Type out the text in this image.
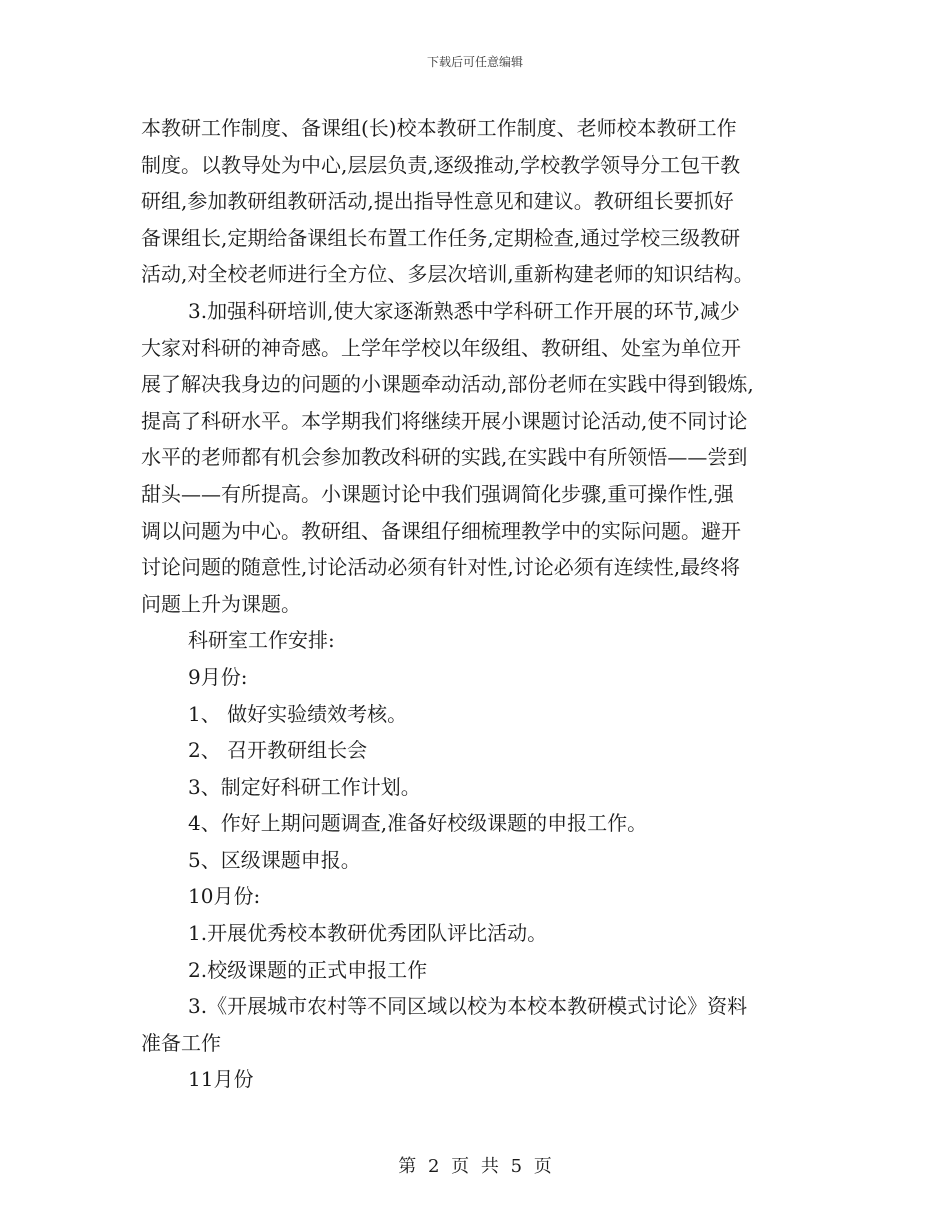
下载后可任意编辑
本教研工作制度、备课组(长)校本教研工作制度、老师校本教研工作
制度。以教导处为中心,层层负责,逐级推动,学校教学领导分工包干教
研组,参加教研组教研活动,提出指导性意见和建议。教研组长要抓好
备课组长,定期给备课组长布置工作任务,定期检查,通过学校三级教研
活动,对全校老师进行全方位、多层次培训,重新构建老师的知识结构。
3.加强科研培训,使大家逐渐熟悉中学科研工作开展的环节,减少
大家对科研的神奇感。上学年学校以年级组、教研组、处室为单位开
展了解决我身边的问题的小课题牵动活动,部份老师在实践中得到锻炼,
提高了科研水平。本学期我们将继续开展小课题讨论活动,使不同讨论
水平的老师都有机会参加教改科研的实践,在实践中有所领悟——尝到
甜头——有所提高。小课题讨论中我们强调简化步骤,重可操作性,强
调以问题为中心。教研组、备课组仔细梳理教学中的实际问题。避开
讨论问题的随意性,讨论活动必须有针对性,讨论必须有连续性,最终将
问题上升为课题。
科研室工作安排:
9月份:
1、 做好实验绩效考核。
2、 召开教研组长会
3、制定好科研工作计划。
4、作好上期问题调查,准备好校级课题的申报工作。
5、区级课题申报。
10月份:
1.开展优秀校本教研优秀团队评比活动。
2.校级课题的正式申报工作
3.《开展城市农村等不同区域以校为本校本教研模式讨论》资料
准备工作
11月份
第 2 页 共 5 页
